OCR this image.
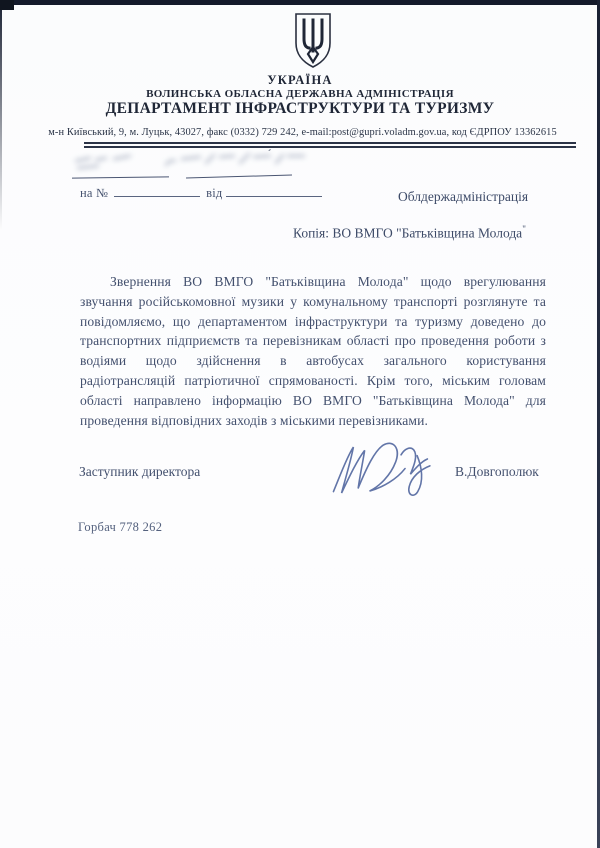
УКРАЇНА
ВОЛИНСЬКА ОБЛАСНА ДЕРЖАВНА АДМІНІСТРАЦІЯ
ДЕПАРТАМЕНТ ІНФРАСТРУКТУРИ ТА ТУРИЗМУ
м-н Київський, 9, м. Луцьк, 43027, факс (0332) 729 242, e-mail:post@gupri.voladm.gov.ua, код ЄДРПОУ 13362615
ˊ
на №	від	Облдержадміністрація
Копія: ВО ВМГО "Батьківщина Молода"
Звернення ВО ВМГО "Батьківщина Молода" щодо врегулювання звучання російськомовної музики у комунальному транспорті розглянуте та повідомляємо, що департаментом інфраструктури та туризму доведено до транспортних підприємств та перевізникам області про проведення роботи з водіями щодо здійснення в автобусах загального користування радіотрансляцій патріотичної спрямованості. Крім того, міським головам області направлено інформацію ВО ВМГО "Батьківщина Молода" для проведення відповідних заходів з міськими перевізниками.
Заступник директора	В.Довгополюк
Горбач 778 262
